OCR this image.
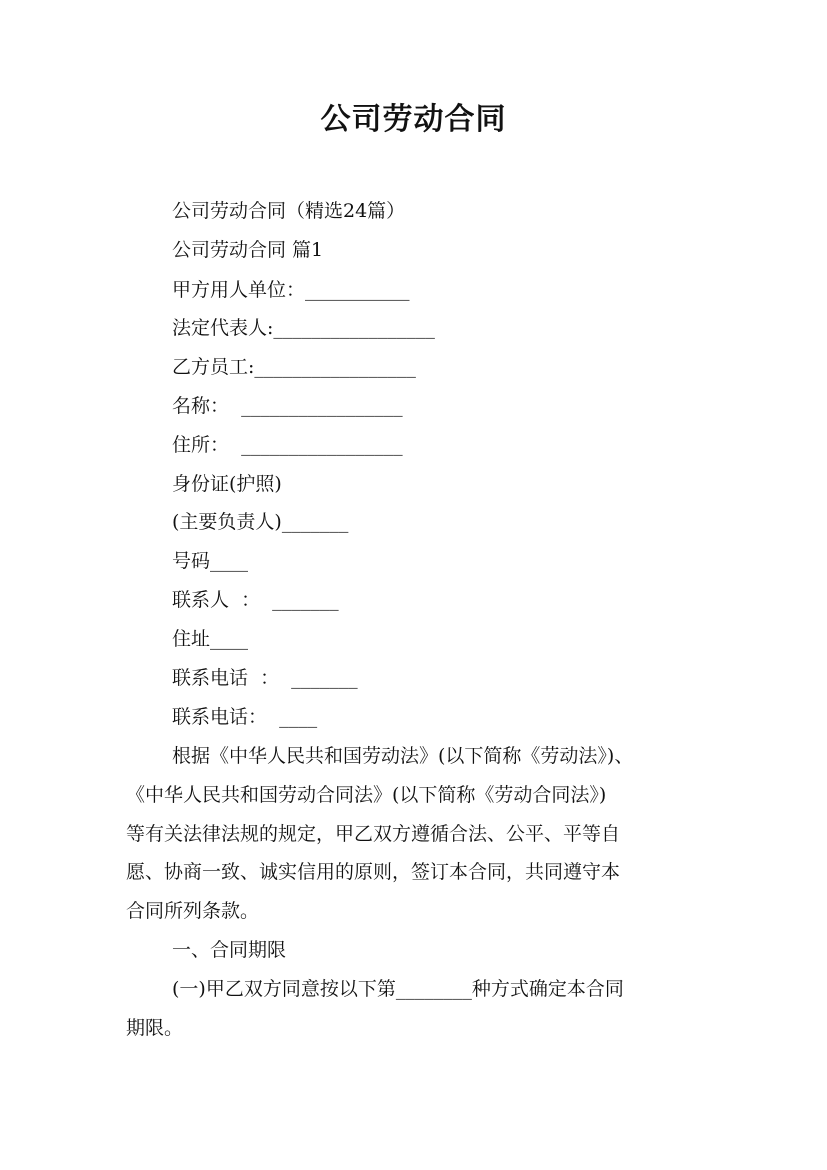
公司劳动合同
公司劳动合同（精选24篇）
公司劳动合同 篇1
甲方用人单位：___________
法定代表人:_________________
乙方员工:_________________
名称：  _________________
住所：  _________________
身份证(护照)
(主要负责人)_______
号码____
联系人  ：  _______
住址____
联系电话  ：  _______
联系电话：  ____
根据《中华人民共和国劳动法》(以下简称《劳动法》)、
《中华人民共和国劳动合同法》(以下简称《劳动合同法》)
等有关法律法规的规定，甲乙双方遵循合法、公平、平等自
愿、协商一致、诚实信用的原则，签订本合同，共同遵守本
合同所列条款。
一、合同期限
(一)甲乙双方同意按以下第________种方式确定本合同
期限。
